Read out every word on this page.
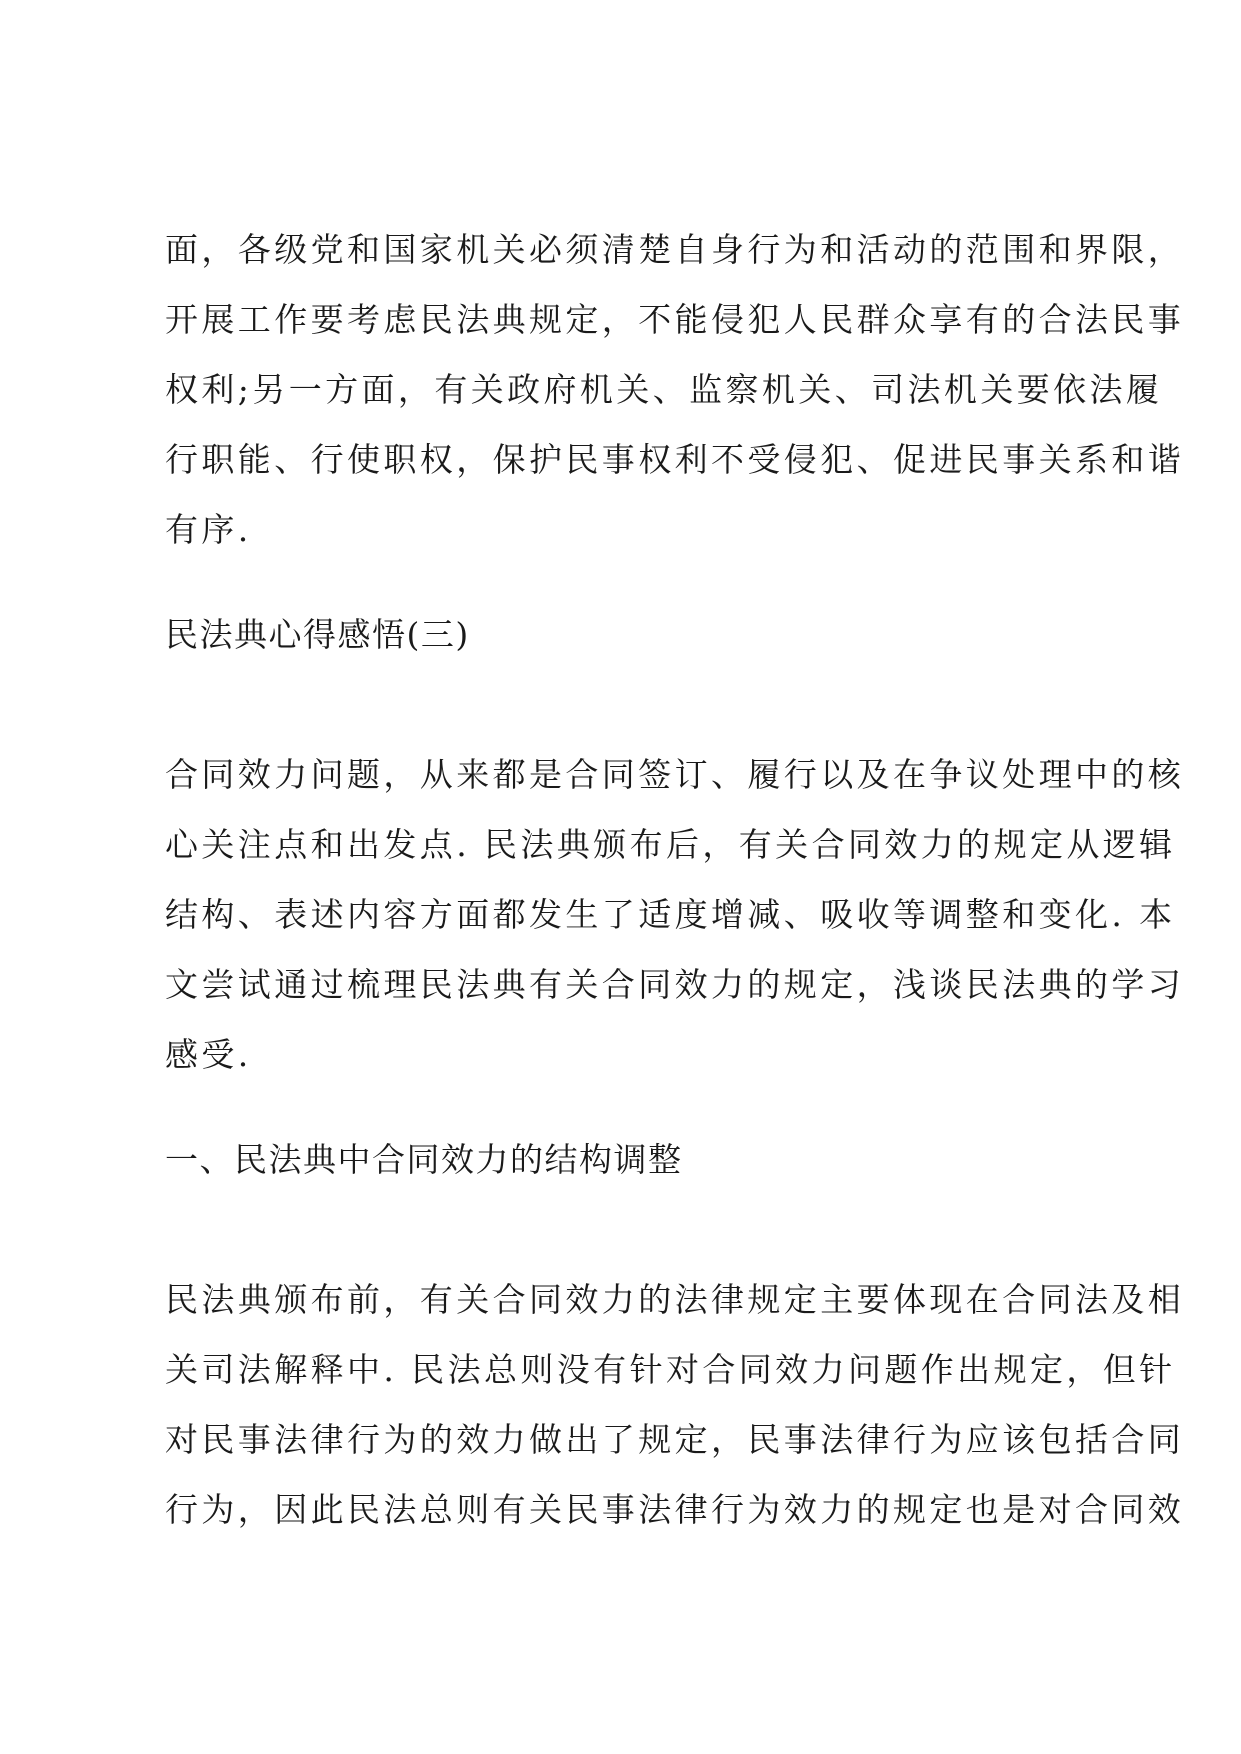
面，各级党和国家机关必须清楚自身行为和活动的范围和界限，
开展工作要考虑民法典规定，不能侵犯人民群众享有的合法民事
权利;另一方面，有关政府机关、监察机关、司法机关要依法履
行职能、行使职权，保护民事权利不受侵犯、促进民事关系和谐
有序.
民法典心得感悟(三)
合同效力问题，从来都是合同签订、履行以及在争议处理中的核
心关注点和出发点. 民法典颁布后，有关合同效力的规定从逻辑
结构、表述内容方面都发生了适度增减、吸收等调整和变化. 本
文尝试通过梳理民法典有关合同效力的规定，浅谈民法典的学习
感受.
一、民法典中合同效力的结构调整
民法典颁布前，有关合同效力的法律规定主要体现在合同法及相
关司法解释中. 民法总则没有针对合同效力问题作出规定，但针
对民事法律行为的效力做出了规定，民事法律行为应该包括合同
行为，因此民法总则有关民事法律行为效力的规定也是对合同效
